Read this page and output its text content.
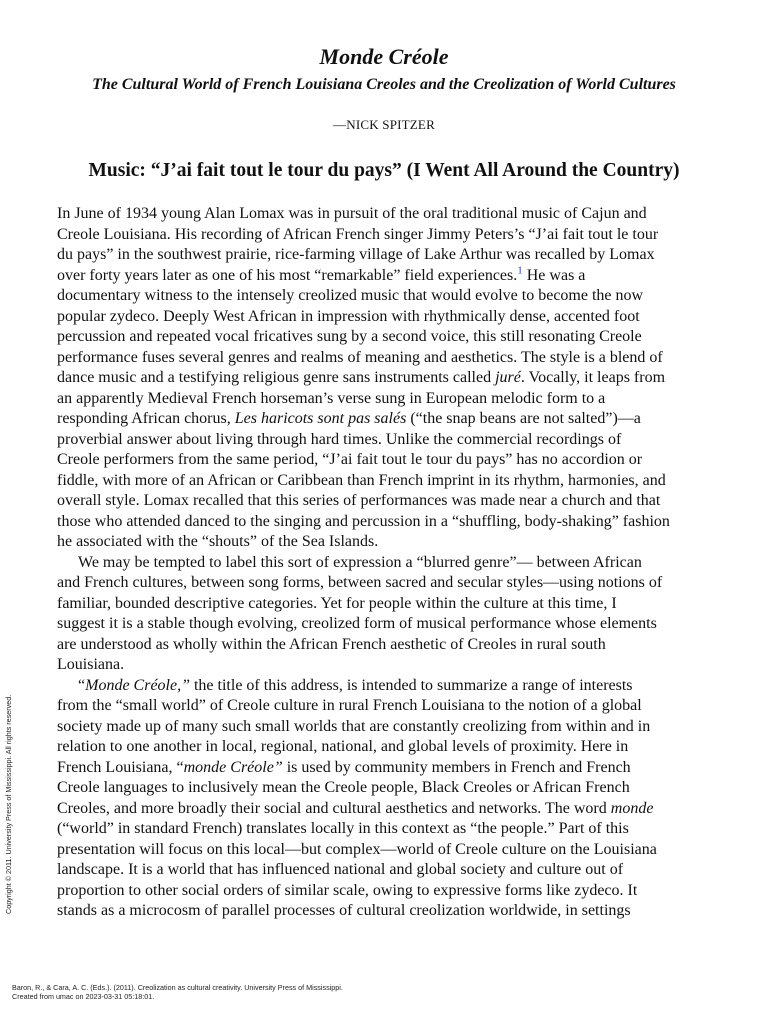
Monde Créole
The Cultural World of French Louisiana Creoles and the Creolization of World Cultures
—NICK SPITZER
Music: “J’ai fait tout le tour du pays” (I Went All Around the Country)
In June of 1934 young Alan Lomax was in pursuit of the oral traditional music of Cajun and
Creole Louisiana. His recording of African French singer Jimmy Peters’s “J’ai fait tout le tour
du pays” in the southwest prairie, rice-farming village of Lake Arthur was recalled by Lomax
over forty years later as one of his most “remarkable” field experiences.$^1$ He was a
documentary witness to the intensely creolized music that would evolve to become the now
popular zydeco. Deeply West African in impression with rhythmically dense, accented foot
percussion and repeated vocal fricatives sung by a second voice, this still resonating Creole
performance fuses several genres and realms of meaning and aesthetics. The style is a blend of
dance music and a testifying religious genre sans instruments called juré. Vocally, it leaps from
an apparently Medieval French horseman’s verse sung in European melodic form to a
responding African chorus, Les haricots sont pas salés (“the snap beans are not salted”)—a
proverbial answer about living through hard times. Unlike the commercial recordings of
Creole performers from the same period, “J’ai fait tout le tour du pays” has no accordion or
fiddle, with more of an African or Caribbean than French imprint in its rhythm, harmonies, and
overall style. Lomax recalled that this series of performances was made near a church and that
those who attended danced to the singing and percussion in a “shuffling, body-shaking” fashion
he associated with the “shouts” of the Sea Islands.
We may be tempted to label this sort of expression a “blurred genre”— between African
and French cultures, between song forms, between sacred and secular styles—using notions of
familiar, bounded descriptive categories. Yet for people within the culture at this time, I
suggest it is a stable though evolving, creolized form of musical performance whose elements
are understood as wholly within the African French aesthetic of Creoles in rural south
Louisiana.
“Monde Créole,” the title of this address, is intended to summarize a range of interests
from the “small world” of Creole culture in rural French Louisiana to the notion of a global
society made up of many such small worlds that are constantly creolizing from within and in
relation to one another in local, regional, national, and global levels of proximity. Here in
French Louisiana, “monde Créole” is used by community members in French and French
Creole languages to inclusively mean the Creole people, Black Creoles or African French
Creoles, and more broadly their social and cultural aesthetics and networks. The word monde
(“world” in standard French) translates locally in this context as “the people.” Part of this
presentation will focus on this local—but complex—world of Creole culture on the Louisiana
landscape. It is a world that has influenced national and global society and culture out of
proportion to other social orders of similar scale, owing to expressive forms like zydeco. It
stands as a microcosm of parallel processes of cultural creolization worldwide, in settings
Copyright © 2011. University Press of Mississippi. All rights reserved.
Baron, R., & Cara, A. C. (Eds.). (2011). Creolization as cultural creativity. University Press of Mississippi.
Created from umac on 2023-03-31 05:18:01.
